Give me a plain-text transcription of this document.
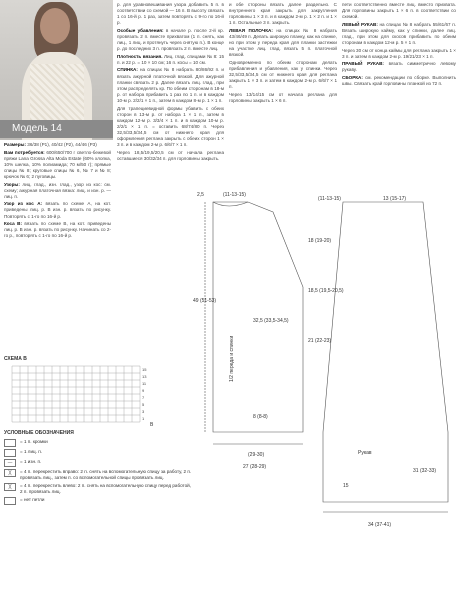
Модель 14

Размеры: 36/38 (P1), 40/42 (P2), 44/46 (P3)

Вам потребуется: 600/650/700 г светло-бежевой пряжи Lana Grossa Alta Moda Estate (60% хлопка, 10% шелка, 10% полиамида; 70 м/50 г); прямые спицы № 8; круговые спицы № 6, № 7 и № 8; крючок № 6; 2 пуговицы.

Узоры: лиц. глад., изн. глад., узор из кос: см. схему; ажурная платочная вязка: лиц. и изн. р. — лиц. п.

Узор из кос А: вязать по схеме А, на кот. приведены лиц. р. В изн. р. вязать по рисунку. Повторять с 1-го по 16-й р.

Коса В: вязать по схеме В, на кот. приведены лиц. р. В изн. р. вязать по рисунку. Начинать со 2-го р., повторять с 1-го по 16-й р.

р. для уравновешивания узора добавить 5 п. в соответствии со схемой — 16 п. В высоту связать 1 со 16-й р. 1 раз, затем повторять с 9-го по 16-й р.

Особые убавления: в начале р. после 2-й кр. провязать 2 п. вместе прихватом (1 п. снять, как лиц., 1 лиц. и протянуть через снятую п.). В конце р. до последних 3 п. провязать 2 п. вместе лиц.

Плотность вязания. Лиц. глад. спицами № 8: 15 п. и 22 р. = 10 × 10 см; 16 п. косы = 10 см.

СПИНКА: на спицах № 8 набрать 80/86/92 п. и вязать ажурной платочной вязкой. Для ажурной планки связать 2 р. Далее вязать лиц. глад., при этом распределять кр. По обеим сторонам в 18-м р. от набора прибавить 1 раз по 1 п. и в каждом 10-м р. 2/2/1 × 1 п., затем в каждом 8-м р. 1 × 1 п.

Для трапециевидной формы убавить с обеих сторон в 13-м р. от набора 1 × 1 п., затем в каждом 12-м р. 3/3/4 × 1 п. и в каждом 10-м р. 2/2/1 × 1 п. = оставить 68/74/80 п. Через 32,5/33,5/34,5 см от нижнего края для оформления реглана закрыть с обеих сторон 1 × 3 п. и в каждом 2-м р. 6/6/7 × 1 п.

Через 18,5/19,5/20,5 см от начала реглана оставшиеся 30/32/34 п. для горловины закрыть.

и обе стороны вязать далее раздельно. С внутреннего края закрыть для закругления горловины 1 × 3 п. и в каждом 2-м р. 1 × 2 п. и 1 × 1 п. Остальные 3 п. закрыть.

ЛЕВАЯ ПОЛОЧКА: на спицах № 8 набрать 43/46/49 п. Делать широкую планку, как на спинке, но при этом у переда края для планки застежки на участке лиц. глад. вязать 5 п. платочной вязкой.

Одновременно по обеим сторонам делать прибавления и убавления, как у спинки. Через 32,5/33,5/34,5 см от нижнего края для реглана закрыть 1 × 3 п. и затем в каждом 2-м р. 6/6/7 × 1 п.

Через 13/14/15 см от начала реглана для горловины закрыть 1 × 6 п.

пети соответственно вместе лиц. вместо прихвата. Для горловины закрыть 1 × 6 п. в соответствии со схемой.

ЛЕВЫЙ РУКАВ: на спицах № 8 набрать 55/61/67 п. Вязать широкую кайму, как у спинки, далее лиц. глад., при этом для скосов прибавить по обеим сторонам в каждом 12-м р. 5 × 1 п.

Через 30 см от конца каймы для реглана закрыть 1 × 3 п. и затем в каждом 2-м р. 19/21/23 × 1 п.

ПРАВЫЙ РУКАВ: вязать симметрично левому рукаву.

СБОРКА: см. рекомендации по сборке. Выполнить швы. Связать край горловины планкой из 72 п.

СХЕМА В
15
13
11
9
7
5
3
1
В
УСЛОВНЫЕ ОБОЗНАЧЕНИЯ
= 1 п. кромки
= 1 лиц. п.
—	= 1 изн. п.
╳	= 4 п. перекрестить вправо: 2 п. снять на вспомогательную спицу за работу, 2 п. провязать лиц., затем п. со вспомогательной спицы провязать лиц.
╳	= 4 п. перекрестить влево: 2 п. снять на вспомогательную спицу перед работой, 2 п. провязать лиц.
= нет петли
2,5	(11-13-15)
49 (51-53)
18 (19-20)
32,5 (33,5-34,5)
8 (8-8)
21 (22-23)
18,5 (19,5-20,5)
(11-13-15)	13 (15-17)
31 (32-33)
34 (37-41)
Рукав
15
(29-30)
27 (28-29)
1/2 переда и спинки
